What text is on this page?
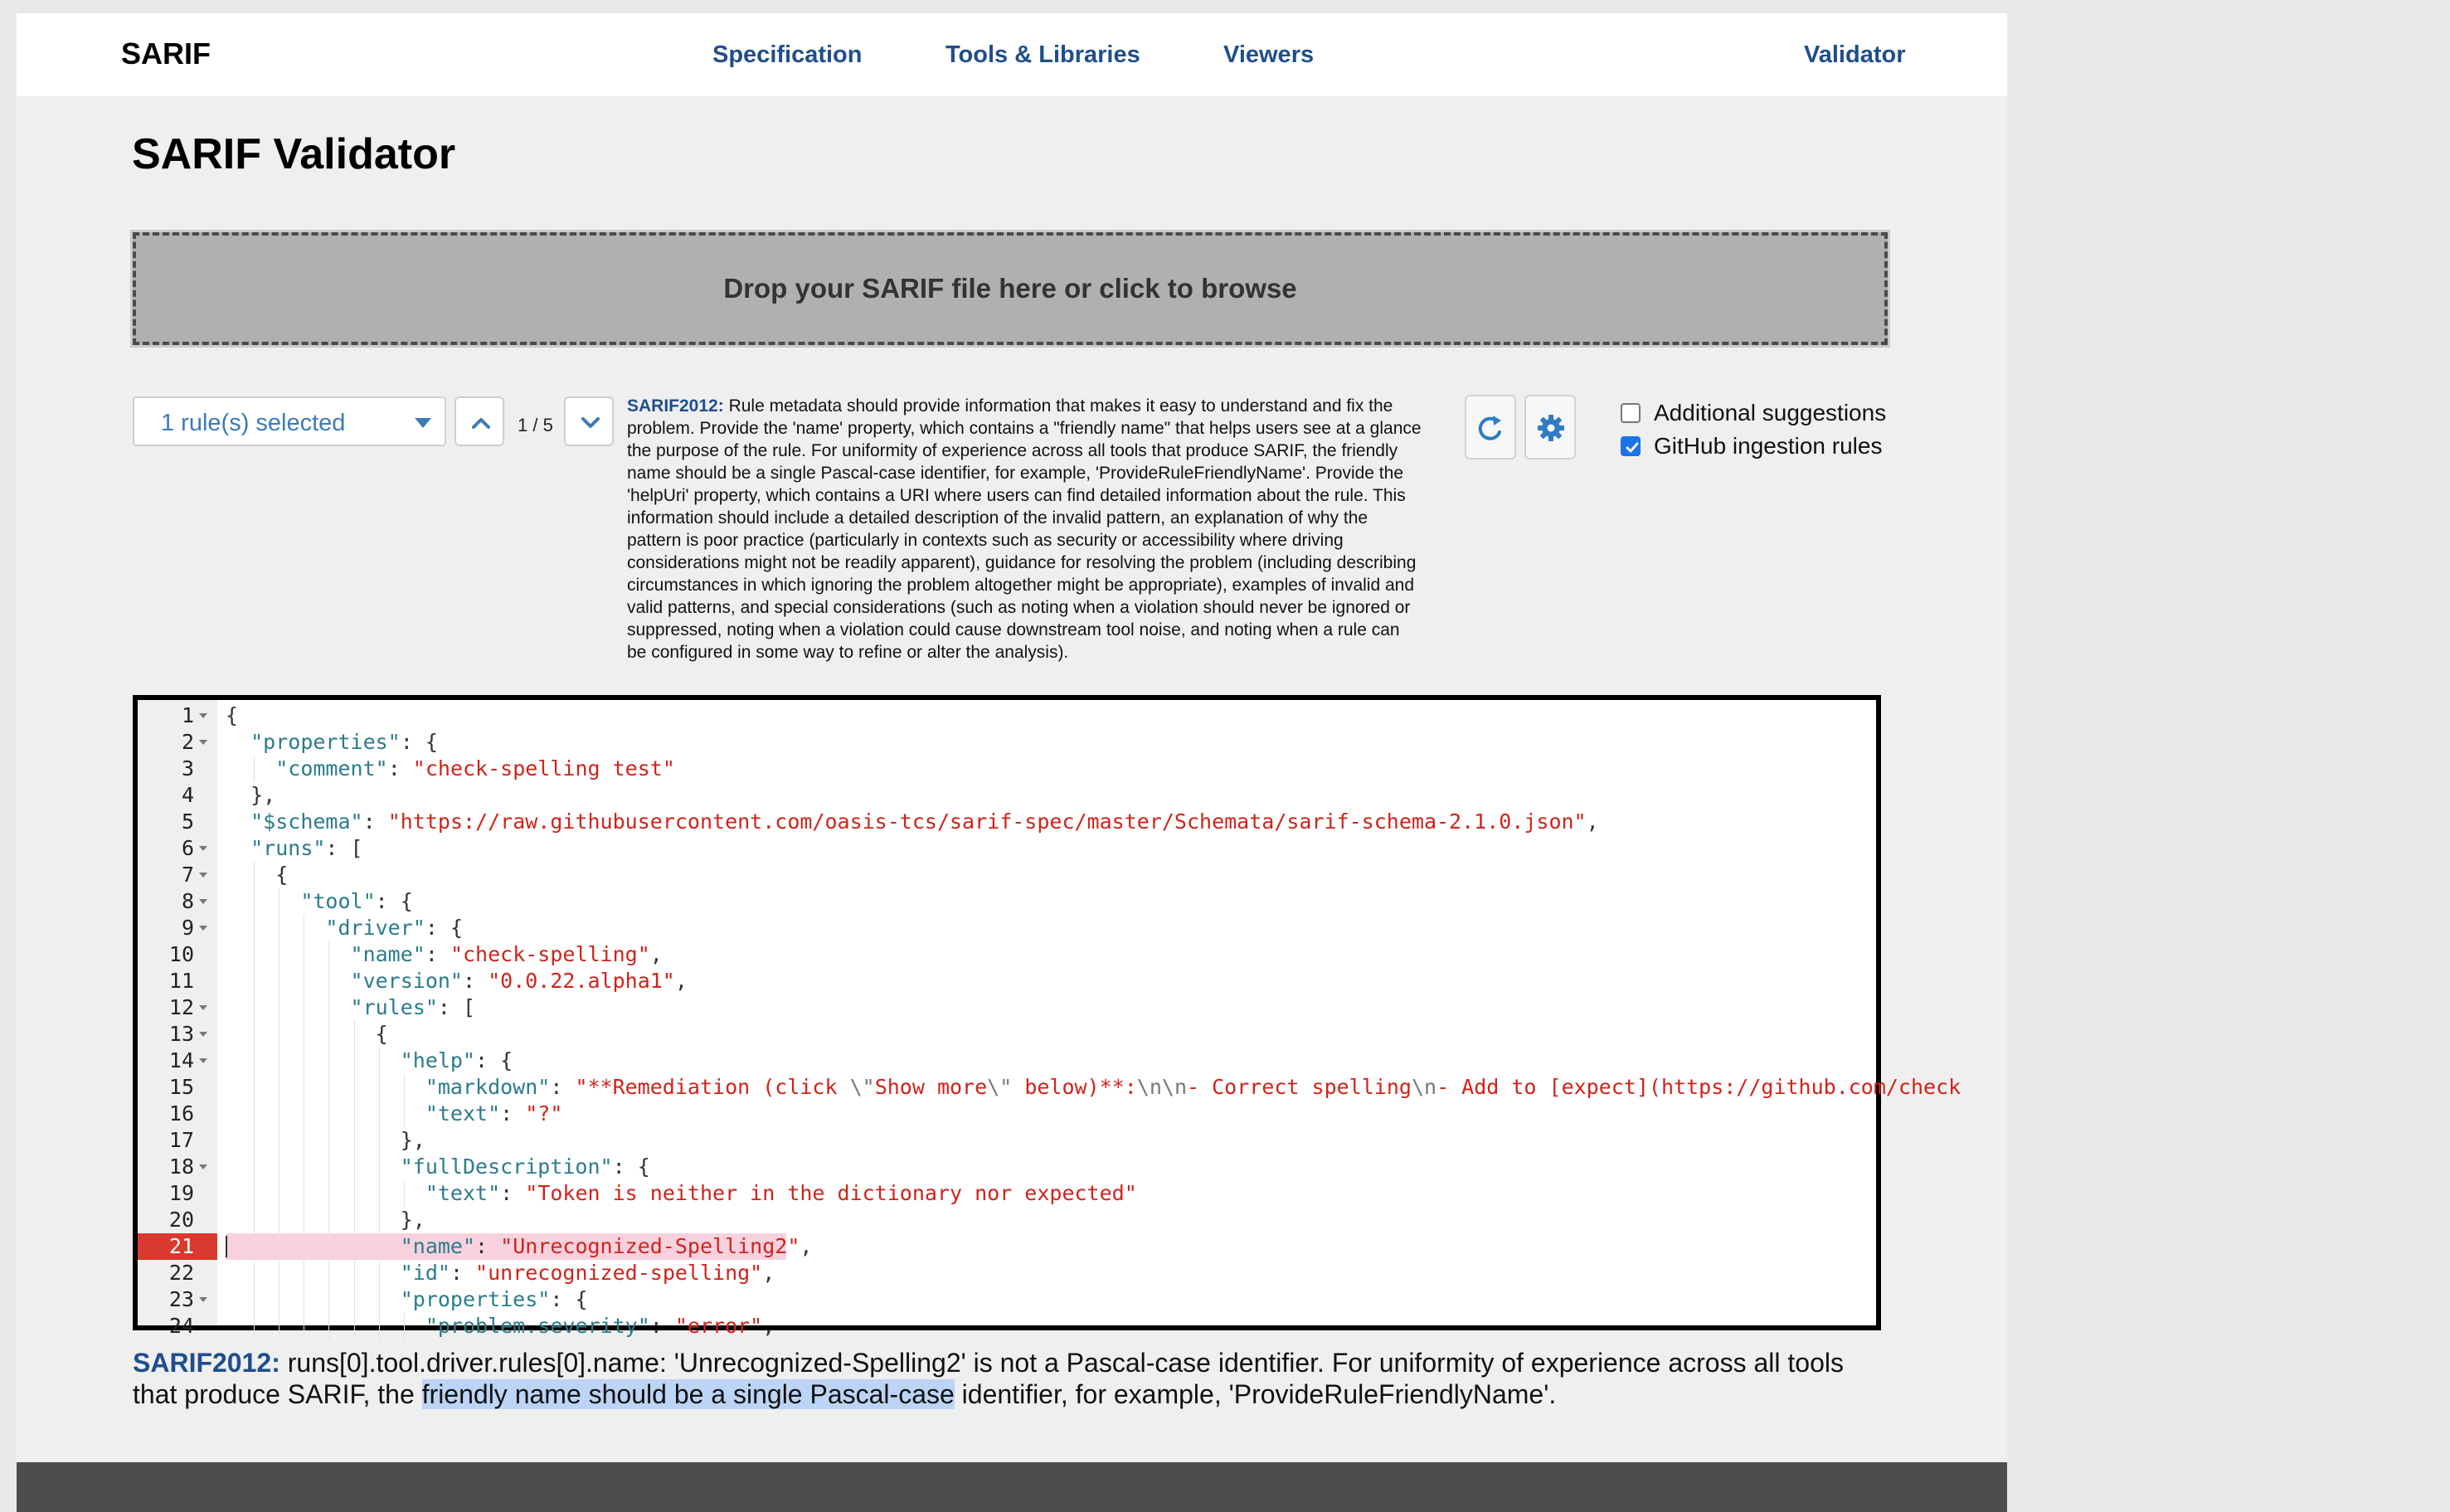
SARIF	Specification	Tools & Libraries	Viewers	Validator
SARIF Validator
Drop your SARIF file here or click to browse
1 rule(s) selected	1 / 5
SARIF2012: Rule metadata should provide information that makes it easy to understand and fix the problem. Provide the 'name' property, which contains a "friendly name" that helps users see at a glance the purpose of the rule. For uniformity of experience across all tools that produce SARIF, the friendly name should be a single Pascal-case identifier, for example, 'ProvideRuleFriendlyName'. Provide the 'helpUri' property, which contains a URI where users can find detailed information about the rule. This information should include a detailed description of the invalid pattern, an explanation of why the pattern is poor practice (particularly in contexts such as security or accessibility where driving considerations might not be readily apparent), guidance for resolving the problem (including describing circumstances in which ignoring the problem altogether might be appropriate), examples of invalid and valid patterns, and special considerations (such as noting when a violation should never be ignored or suppressed, noting when a violation could cause downstream tool noise, and noting when a rule can be configured in some way to refine or alter the analysis).
Additional suggestions
GitHub ingestion rules
1 {
2	"properties": {
3	"comment": "check-spelling test"
4	},
5	"$schema": "https://raw.githubusercontent.com/oasis-tcs/sarif-spec/master/Schemata/sarif-schema-2.1.0.json",
6	"runs": [
7	{
8	"tool": {
9	"driver": {
10	"name": "check-spelling",
11	"version": "0.0.22.alpha1",
12	"rules": [
13	{
14	"help": {
15	"markdown": "**Remediation (click \"Show more\" below)**:\n\n- Correct spelling\n- Add to [expect](https://github.com/check
16	"text": "?"
17	},
18	"fullDescription": {
19	"text": "Token is neither in the dictionary nor expected"
20	},
21	"name": "Unrecognized-Spelling2",
22	"id": "unrecognized-spelling",
23	"properties": {
24	"problem.severity": "error",
SARIF2012: runs[0].tool.driver.rules[0].name: 'Unrecognized-Spelling2' is not a Pascal-case identifier. For uniformity of experience across all tools that produce SARIF, the friendly name should be a single Pascal-case identifier, for example, 'ProvideRuleFriendlyName'.
